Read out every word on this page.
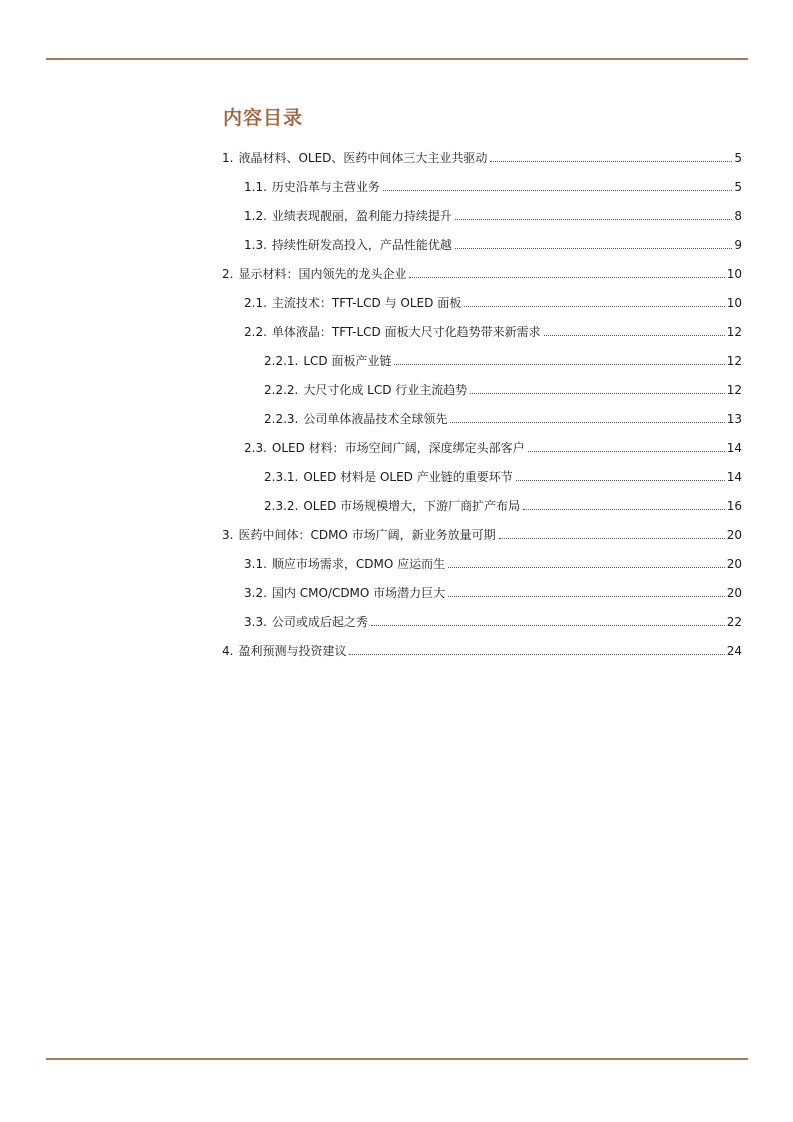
内容目录
1. 液晶材料、OLED、医药中间体三大主业共驱动	5
1.1. 历史沿革与主营业务	5
1.2. 业绩表现靓丽，盈利能力持续提升	8
1.3. 持续性研发高投入，产品性能优越	9
2. 显示材料：国内领先的龙头企业	10
2.1. 主流技术：TFT-LCD 与 OLED 面板	10
2.2. 单体液晶：TFT-LCD 面板大尺寸化趋势带来新需求	12
2.2.1. LCD 面板产业链	12
2.2.2. 大尺寸化成 LCD 行业主流趋势	12
2.2.3. 公司单体液晶技术全球领先	13
2.3. OLED 材料：市场空间广阔，深度绑定头部客户	14
2.3.1. OLED 材料是 OLED 产业链的重要环节	14
2.3.2. OLED 市场规模增大，下游厂商扩产布局	16
3. 医药中间体：CDMO 市场广阔，新业务放量可期	20
3.1. 顺应市场需求，CDMO 应运而生	20
3.2. 国内 CMO/CDMO 市场潜力巨大	20
3.3. 公司或成后起之秀	22
4. 盈利预测与投资建议	24
